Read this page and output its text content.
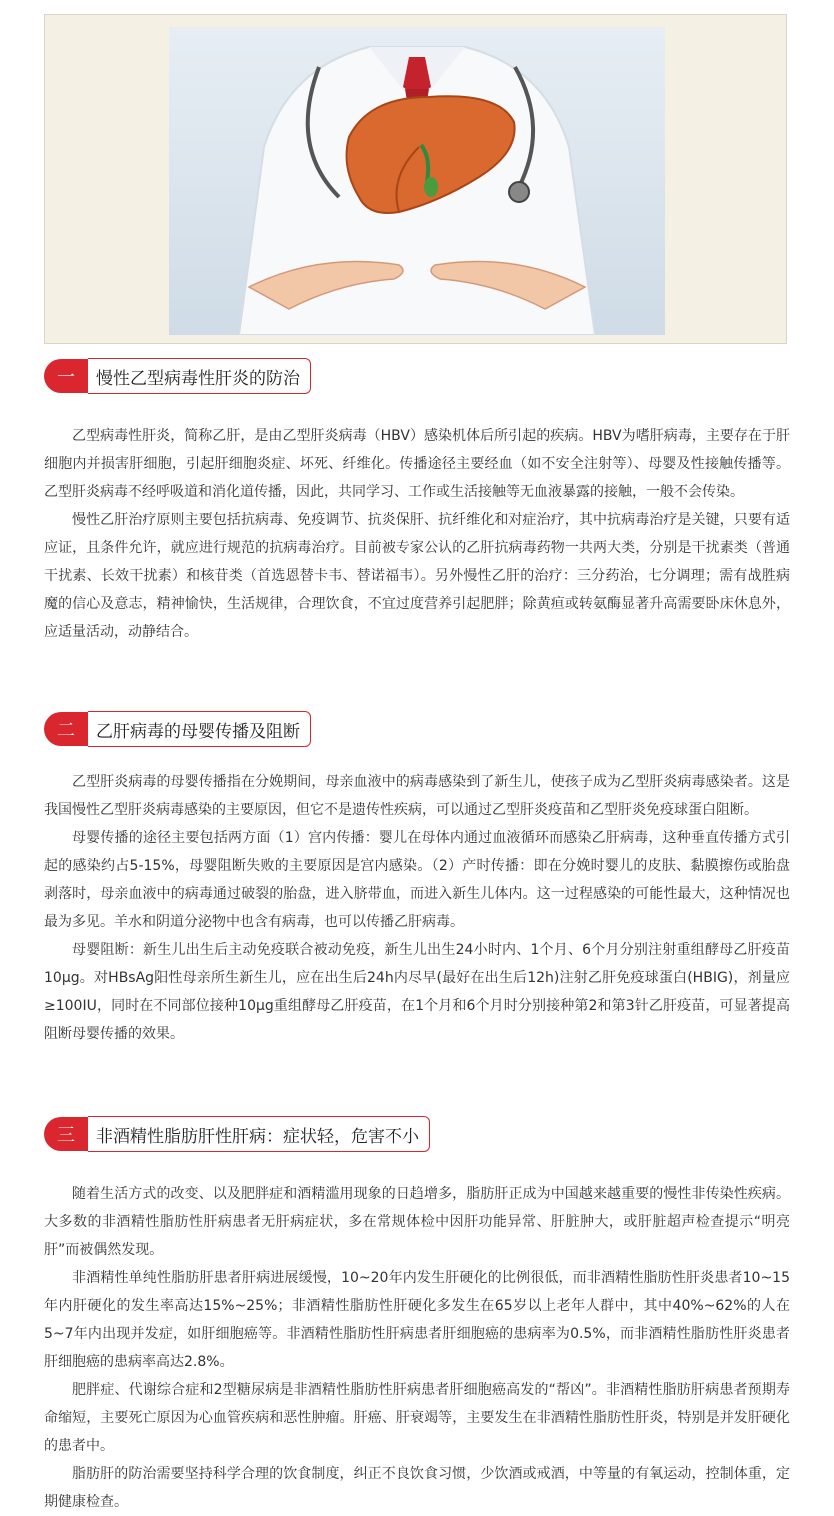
一	慢性乙型病毒性肝炎的防治

乙型病毒性肝炎，简称乙肝，是由乙型肝炎病毒（HBV）感染机体后所引起的疾病。HBV为嗜肝病毒，主要存在于肝细胞内并损害肝细胞，引起肝细胞炎症、坏死、纤维化。传播途径主要经血（如不安全注射等）、母婴及性接触传播等。乙型肝炎病毒不经呼吸道和消化道传播，因此，共同学习、工作或生活接触等无血液暴露的接触，一般不会传染。

慢性乙肝治疗原则主要包括抗病毒、免疫调节、抗炎保肝、抗纤维化和对症治疗，其中抗病毒治疗是关键，只要有适应证，且条件允许，就应进行规范的抗病毒治疗。目前被专家公认的乙肝抗病毒药物一共两大类，分别是干扰素类（普通干扰素、长效干扰素）和核苷类（首选恩替卡韦、替诺福韦）。另外慢性乙肝的治疗：三分药治，七分调理；需有战胜病魔的信心及意志，精神愉快，生活规律，合理饮食，不宜过度营养引起肥胖；除黄疸或转氨酶显著升高需要卧床休息外，应适量活动，动静结合。

二	乙肝病毒的母婴传播及阻断

乙型肝炎病毒的母婴传播指在分娩期间，母亲血液中的病毒感染到了新生儿，使孩子成为乙型肝炎病毒感染者。这是我国慢性乙型肝炎病毒感染的主要原因，但它不是遗传性疾病，可以通过乙型肝炎疫苗和乙型肝炎免疫球蛋白阻断。

母婴传播的途径主要包括两方面（1）宫内传播：婴儿在母体内通过血液循环而感染乙肝病毒，这种垂直传播方式引起的感染约占5-15%，母婴阻断失败的主要原因是宫内感染。（2）产时传播：即在分娩时婴儿的皮肤、黏膜擦伤或胎盘剥落时，母亲血液中的病毒通过破裂的胎盘，进入脐带血，而进入新生儿体内。这一过程感染的可能性最大，这种情况也最为多见。羊水和阴道分泌物中也含有病毒，也可以传播乙肝病毒。

母婴阻断：新生儿出生后主动免疫联合被动免疫，新生儿出生24小时内、1个月、6个月分别注射重组酵母乙肝疫苗10μg。对HBsAg阳性母亲所生新生儿，应在出生后24h内尽早(最好在出生后12h)注射乙肝免疫球蛋白(HBIG)，剂量应≥100IU，同时在不同部位接种10μg重组酵母乙肝疫苗，在1个月和6个月时分别接种第2和第3针乙肝疫苗，可显著提高阻断母婴传播的效果。

三	非酒精性脂肪肝性肝病：症状轻，危害不小

随着生活方式的改变、以及肥胖症和酒精滥用现象的日趋增多，脂肪肝正成为中国越来越重要的慢性非传染性疾病。大多数的非酒精性脂肪性肝病患者无肝病症状，多在常规体检中因肝功能异常、肝脏肿大，或肝脏超声检查提示“明亮肝”而被偶然发现。

非酒精性单纯性脂肪肝患者肝病进展缓慢，10~20年内发生肝硬化的比例很低，而非酒精性脂肪性肝炎患者10~15年内肝硬化的发生率高达15%~25%；非酒精性脂肪性肝硬化多发生在65岁以上老年人群中，其中40%~62%的人在5~7年内出现并发症，如肝细胞癌等。非酒精性脂肪性肝病患者肝细胞癌的患病率为0.5%，而非酒精性脂肪性肝炎患者肝细胞癌的患病率高达2.8%。

肥胖症、代谢综合症和2型糖尿病是非酒精性脂肪性肝病患者肝细胞癌高发的“帮凶”。非酒精性脂肪肝病患者预期寿命缩短，主要死亡原因为心血管疾病和恶性肿瘤。肝癌、肝衰竭等，主要发生在非酒精性脂肪性肝炎，特别是并发肝硬化的患者中。

脂肪肝的防治需要坚持科学合理的饮食制度，纠正不良饮食习惯，少饮酒或戒酒，中等量的有氧运动，控制体重，定期健康检查。
